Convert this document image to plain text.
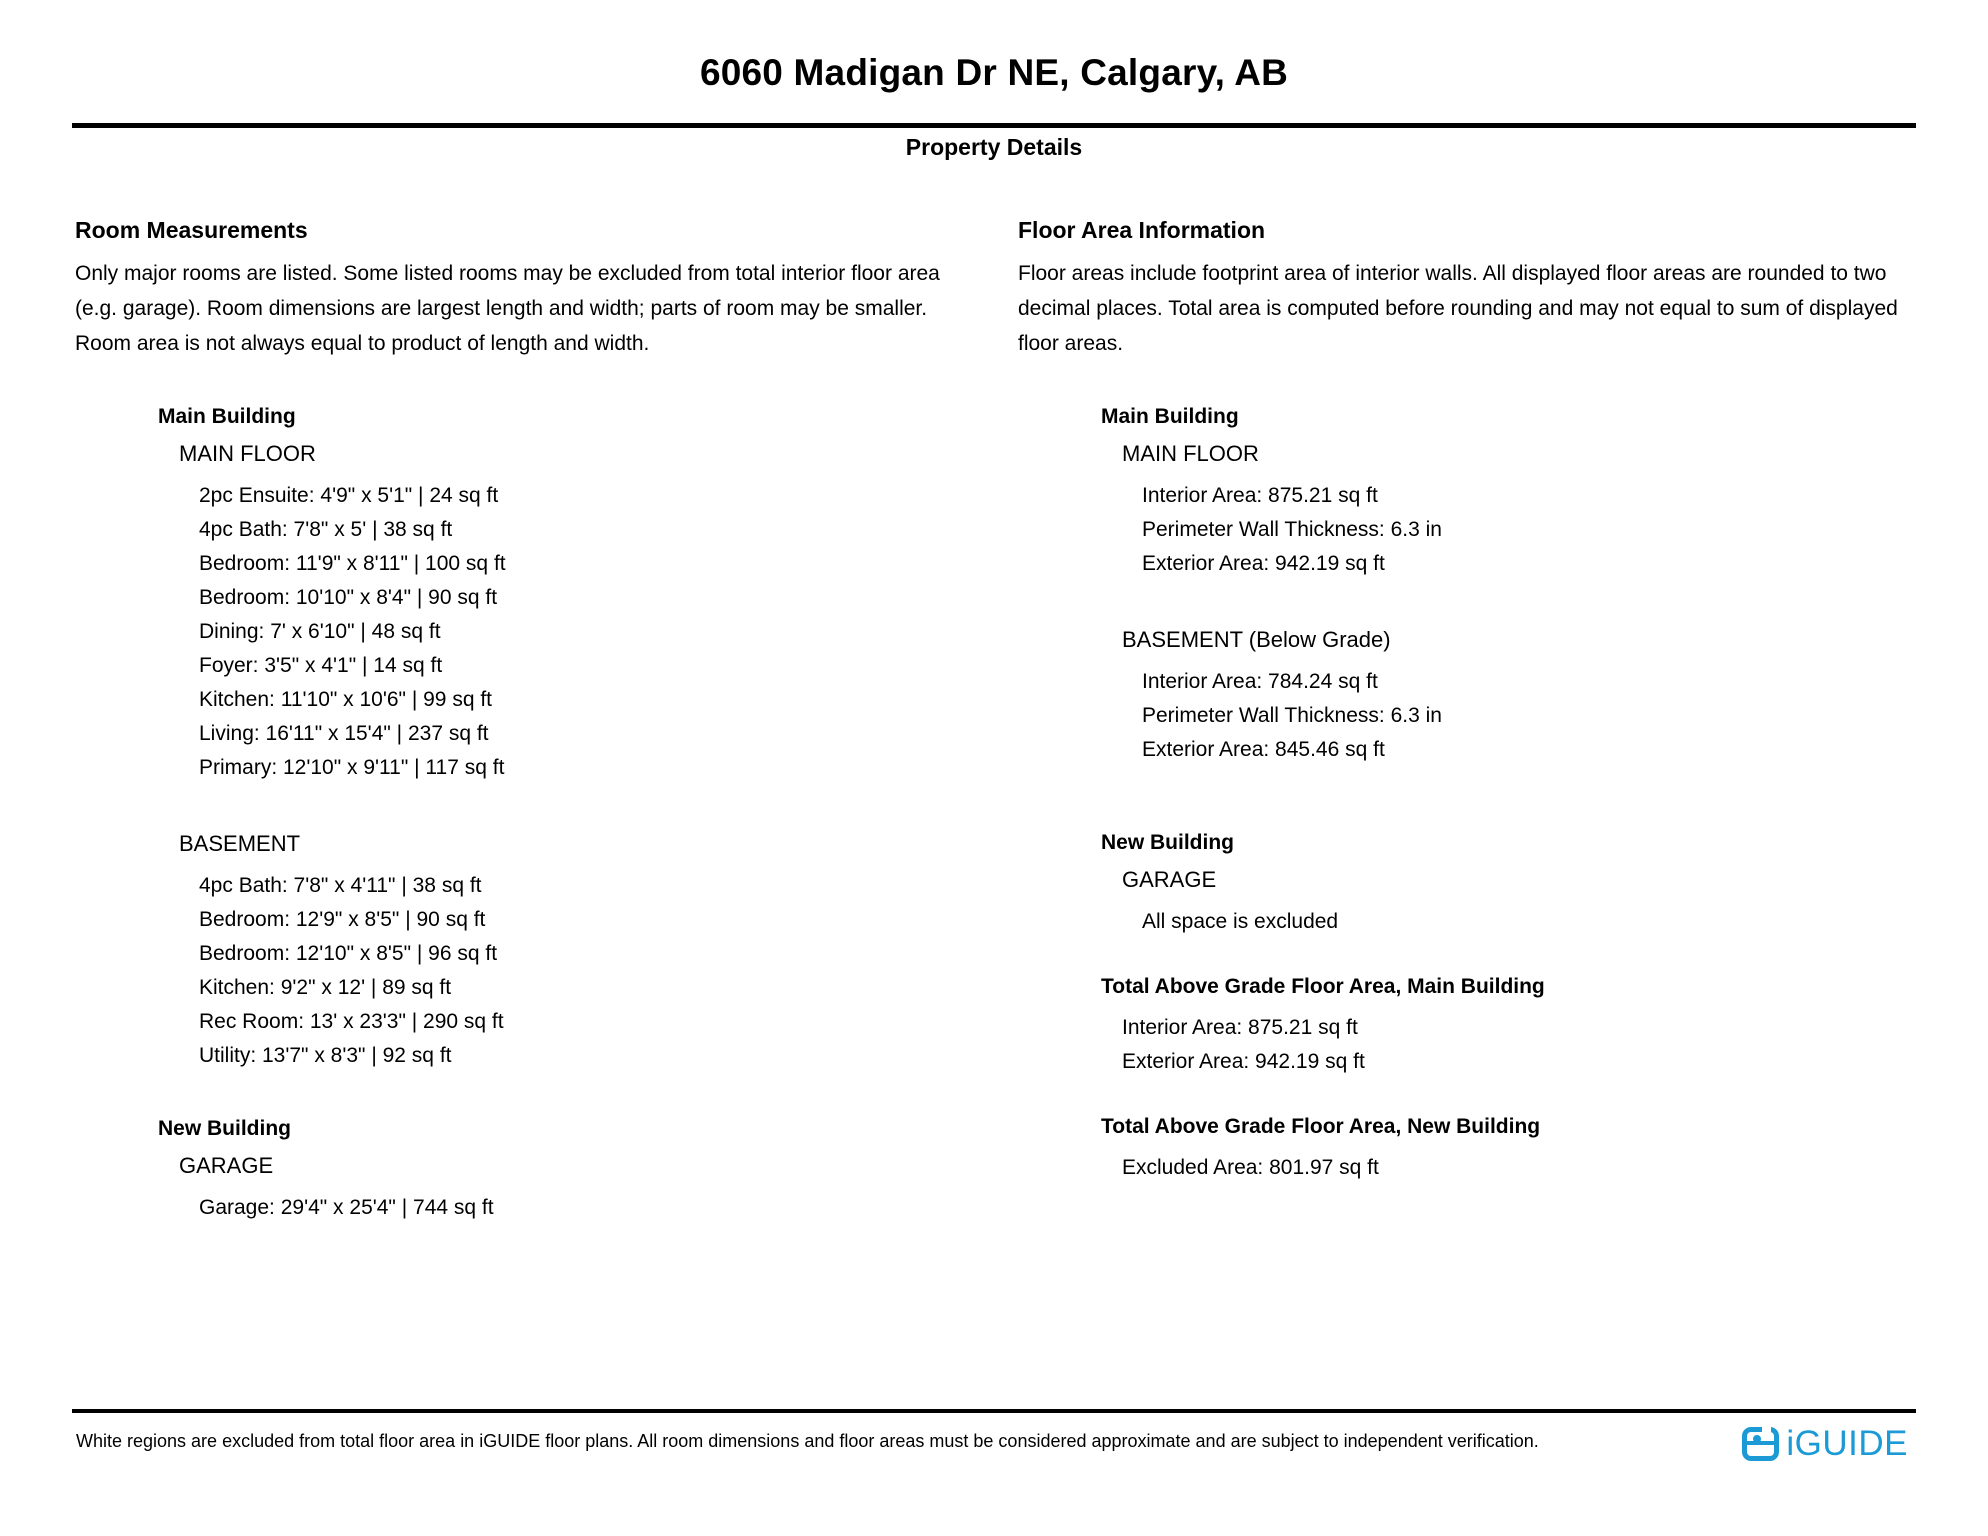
6060 Madigan Dr NE, Calgary, AB
Property Details
Room Measurements

Only major rooms are listed. Some listed rooms may be excluded from total interior floor area (e.g. garage). Room dimensions are largest length and width; parts of room may be smaller. Room area is not always equal to product of length and width.

Main Building
MAIN FLOOR
2pc Ensuite: 4'9" x 5'1" | 24 sq ft
4pc Bath: 7'8" x 5' | 38 sq ft
Bedroom: 11'9" x 8'11" | 100 sq ft
Bedroom: 10'10" x 8'4" | 90 sq ft
Dining: 7' x 6'10" | 48 sq ft
Foyer: 3'5" x 4'1" | 14 sq ft
Kitchen: 11'10" x 10'6" | 99 sq ft
Living: 16'11" x 15'4" | 237 sq ft
Primary: 12'10" x 9'11" | 117 sq ft
BASEMENT
4pc Bath: 7'8" x 4'11" | 38 sq ft
Bedroom: 12'9" x 8'5" | 90 sq ft
Bedroom: 12'10" x 8'5" | 96 sq ft
Kitchen: 9'2" x 12' | 89 sq ft
Rec Room: 13' x 23'3" | 290 sq ft
Utility: 13'7" x 8'3" | 92 sq ft
New Building
GARAGE
Garage: 29'4" x 25'4" | 744 sq ft
Floor Area Information

Floor areas include footprint area of interior walls. All displayed floor areas are rounded to two decimal places. Total area is computed before rounding and may not equal to sum of displayed floor areas.

Main Building
MAIN FLOOR
Interior Area: 875.21 sq ft
Perimeter Wall Thickness: 6.3 in
Exterior Area: 942.19 sq ft
BASEMENT (Below Grade)
Interior Area: 784.24 sq ft
Perimeter Wall Thickness: 6.3 in
Exterior Area: 845.46 sq ft
New Building
GARAGE
All space is excluded
Total Above Grade Floor Area, Main Building
Interior Area: 875.21 sq ft
Exterior Area: 942.19 sq ft
Total Above Grade Floor Area, New Building
Excluded Area: 801.97 sq ft

White regions are excluded from total floor area in iGUIDE floor plans. All room dimensions and floor areas must be considered approximate and are subject to independent verification.	iGUIDE
